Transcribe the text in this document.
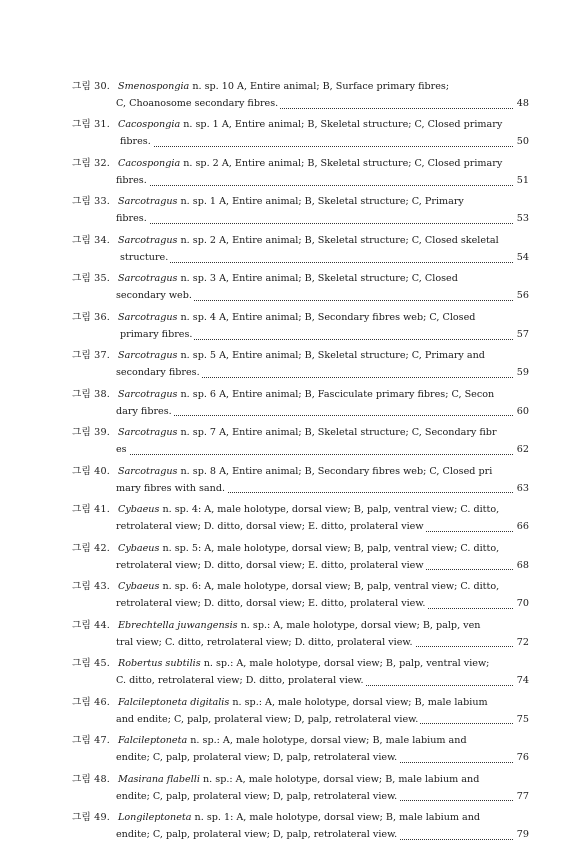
그림 30. Smenospongia n. sp. 10 A, Entire animal; B, Surface primary fibres;
C, Choanosome secondary fibres.	48
그림 31. Cacospongia n. sp. 1 A, Entire animal; B, Skeletal structure; C, Closed primary
fibres.	50
그림 32. Cacospongia n. sp. 2 A, Entire animal; B, Skeletal structure; C, Closed primary
fibres.	51
그림 33. Sarcotragus n. sp. 1 A, Entire animal; B, Skeletal structure; C, Primary
fibres.	53
그림 34. Sarcotragus n. sp. 2 A, Entire animal; B, Skeletal structure; C, Closed skeletal
structure.	54
그림 35. Sarcotragus n. sp. 3 A, Entire animal; B, Skeletal structure; C, Closed
secondary web.	56
그림 36. Sarcotragus n. sp. 4 A, Entire animal; B, Secondary fibres web; C, Closed
primary fibres.	57
그림 37. Sarcotragus n. sp. 5 A, Entire animal; B, Skeletal structure; C, Primary and
secondary fibres.	59
그림 38. Sarcotragus n. sp. 6 A, Entire animal; B, Fasciculate primary fibres; C, Secon
dary fibres.	60
그림 39. Sarcotragus n. sp. 7 A, Entire animal; B, Skeletal structure; C, Secondary fibr
es	62
그림 40. Sarcotragus n. sp. 8 A, Entire animal; B, Secondary fibres web; C, Closed pri
mary fibres with sand.	63
그림 41. Cybaeus n. sp. 4: A, male holotype, dorsal view; B, palp, ventral view; C. ditto,
retrolateral view; D. ditto, dorsal view; E. ditto, prolateral view	66
그림 42. Cybaeus n. sp. 5: A, male holotype, dorsal view; B, palp, ventral view; C. ditto,
retrolateral view; D. ditto, dorsal view; E. ditto, prolateral view	68
그림 43. Cybaeus n. sp. 6: A, male holotype, dorsal view; B, palp, ventral view; C. ditto,
retrolateral view; D. ditto, dorsal view; E. ditto, prolateral view.	70
그림 44. Ebrechtella juwangensis n. sp.: A, male holotype, dorsal view; B, palp, ven
tral view; C. ditto, retrolateral view; D. ditto, prolateral view.	72
그림 45. Robertus subtilis n. sp.: A, male holotype, dorsal view; B, palp, ventral view;
C. ditto, retrolateral view; D. ditto, prolateral view.	74
그림 46. Falcileptoneta digitalis n. sp.: A, male holotype, dorsal view; B, male labium
and endite; C, palp, prolateral view; D, palp, retrolateral view.	75
그림 47. Falcileptoneta n. sp.: A, male holotype, dorsal view; B, male labium and
endite; C, palp, prolateral view; D, palp, retrolateral view.	76
그림 48. Masirana flabelli n. sp.: A, male holotype, dorsal view; B, male labium and
endite; C, palp, prolateral view; D, palp, retrolateral view.	77
그림 49. Longileptoneta n. sp. 1: A, male holotype, dorsal view; B, male labium and
endite; C, palp, prolateral view; D, palp, retrolateral view.	79
